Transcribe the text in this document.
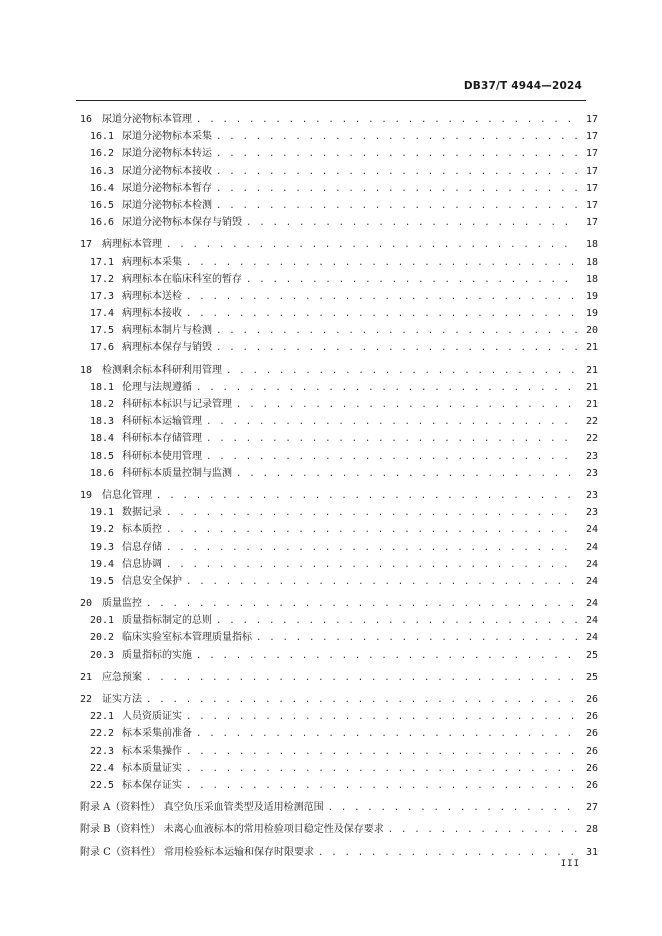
DB37/T 4944—2024
16 尿道分泌物标本管理 . . .	17
16.1 尿道分泌物标本采集 . . .	17
16.2 尿道分泌物标本转运 . . .	17
16.3 尿道分泌物标本接收 . . .	17
16.4 尿道分泌物标本暂存 . . .	17
16.5 尿道分泌物标本检测 . . .	17
16.6 尿道分泌物标本保存与销毁 . . .	17
17 病理标本管理 . . .	18
17.1 病理标本采集 . . .	18
17.2 病理标本在临床科室的暂存 . . .	18
17.3 病理标本送检 . . .	19
17.4 病理标本接收 . . .	19
17.5 病理标本制片与检测 . . .	20
17.6 病理标本保存与销毁 . . .	21
18 检测剩余标本科研利用管理 . . .	21
18.1 伦理与法规遵循 . . .	21
18.2 科研标本标识与记录管理 . . .	21
18.3 科研标本运输管理 . . .	22
18.4 科研标本存储管理 . . .	22
18.5 科研标本使用管理 . . .	23
18.6 科研标本质量控制与监测 . . .	23
19 信息化管理 . . .	23
19.1 数据记录 . . .	23
19.2 标本质控 . . .	24
19.3 信息存储 . . .	24
19.4 信息协调 . . .	24
19.5 信息安全保护 . . .	24
20 质量监控 . . .	24
20.1 质量指标制定的总则 . . .	24
20.2 临床实验室标本管理质量指标 . . .	24
20.3 质量指标的实施 . . .	25
21 应急预案 . . .	25
22 证实方法 . . .	26
22.1 人员资质证实 . . .	26
22.2 标本采集前准备 . . .	26
22.3 标本采集操作 . . .	26
22.4 标本质量证实 . . .	26
22.5 标本保存证实 . . .	26
附录 A（资料性） 真空负压采血管类型及适用检测范围 . . .	27
附录 B（资料性） 未离心血液标本的常用检验项目稳定性及保存要求 . . .	28
附录 C（资料性） 常用检验标本运输和保存时限要求 . . .	31
III
